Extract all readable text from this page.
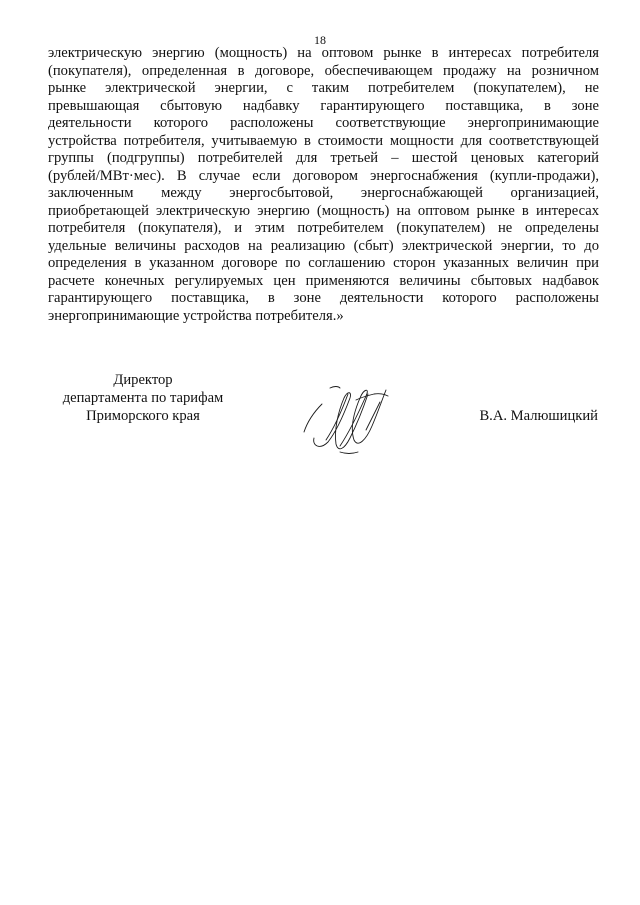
18
электрическую энергию (мощность) на оптовом рынке в интересах потребителя
(покупателя), определенная в договоре, обеспечивающем продажу на розничном
рынке электрической энергии, с таким потребителем (покупателем), не
превышающая сбытовую надбавку гарантирующего поставщика, в зоне
деятельности которого расположены соответствующие энергопринимающие
устройства потребителя, учитываемую в стоимости мощности для соответствующей
группы (подгруппы) потребителей для третьей – шестой ценовых категорий
(рублей/МВт·мес). В случае если договором энергоснабжения (купли-продажи),
заключенным между энергосбытовой, энергоснабжающей организацией,
приобретающей электрическую энергию (мощность) на оптовом рынке в интересах
потребителя (покупателя), и этим потребителем (покупателем) не определены
удельные величины расходов на реализацию (сбыт) электрической энергии, то до
определения в указанном договоре по соглашению сторон указанных величин при
расчете конечных регулируемых цен применяются величины сбытовых надбавок
гарантирующего поставщика, в зоне деятельности которого расположены
энергопринимающие устройства потребителя.»
Директор
департамента по тарифам
Приморского края	В.А. Малюшицкий
